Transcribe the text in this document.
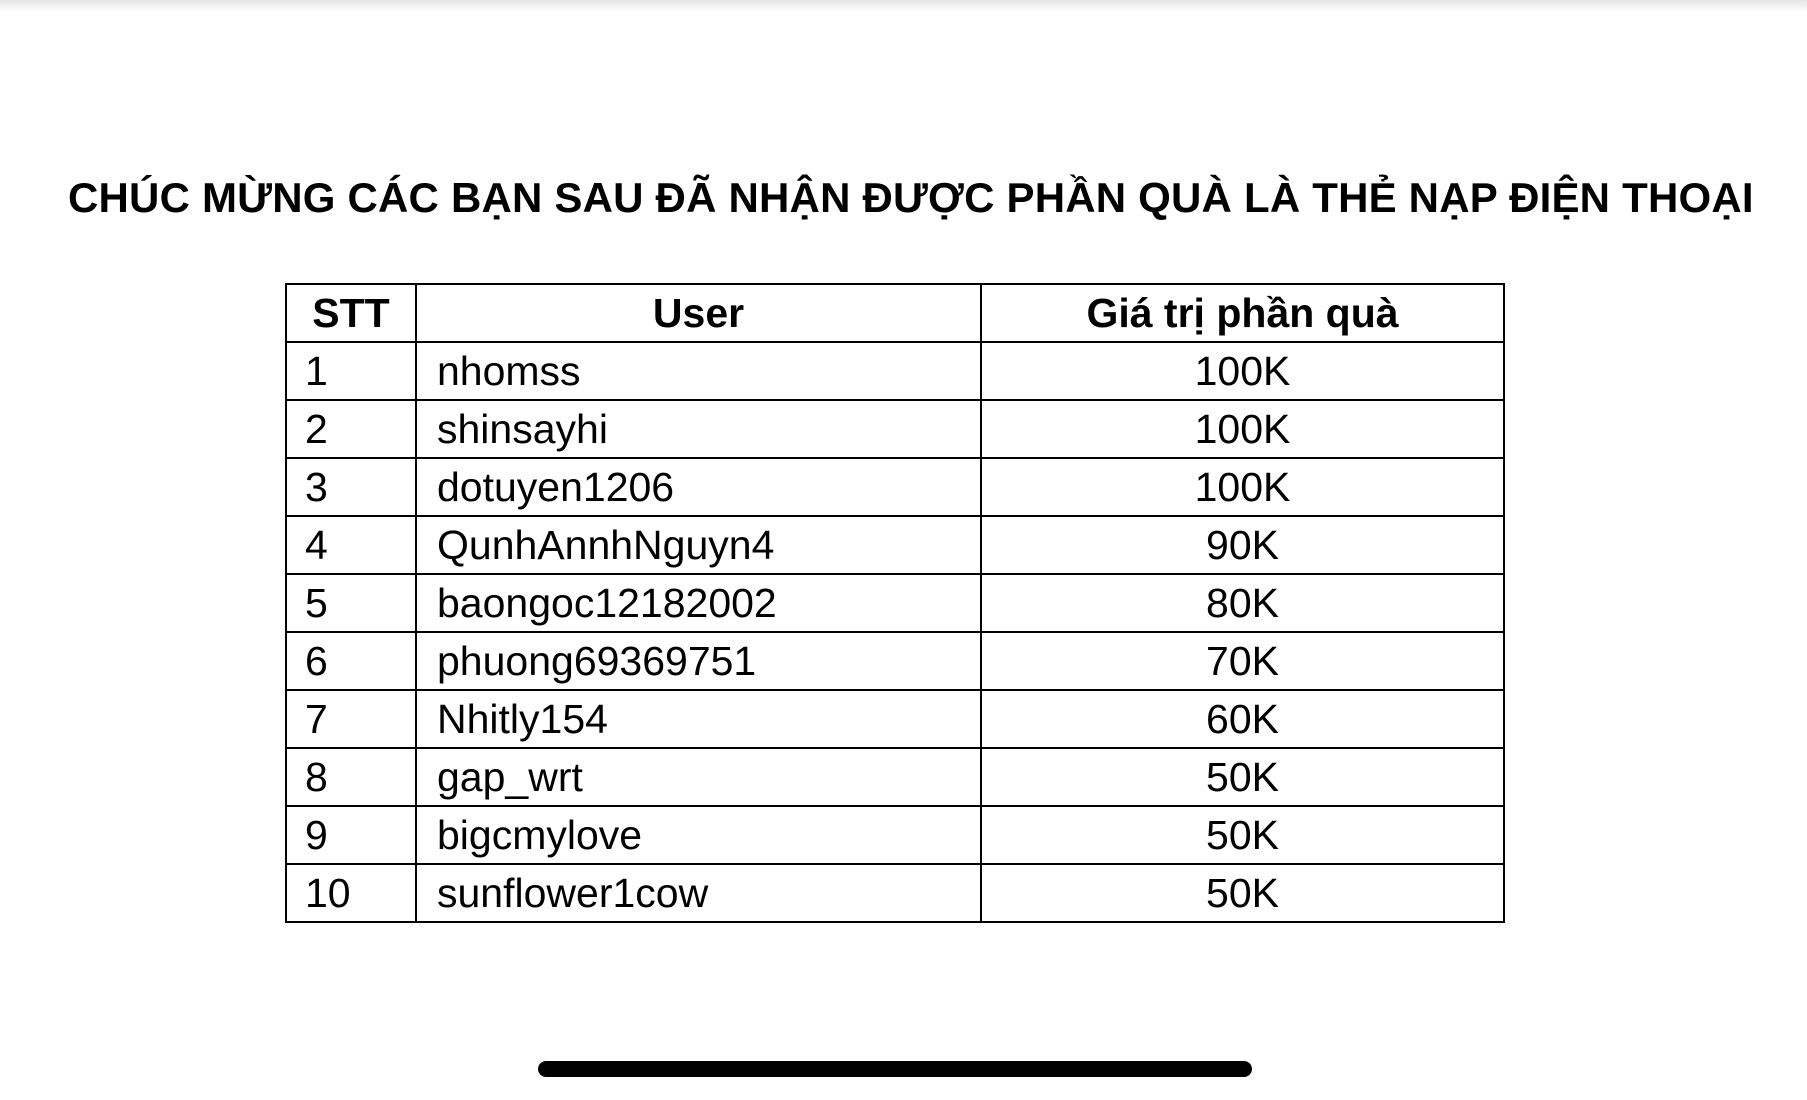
CHÚC MỪNG CÁC BẠN SAU ĐÃ NHẬN ĐƯỢC PHẦN QUÀ LÀ THẺ NẠP ĐIỆN THOẠI
STT	User	Giá trị phần quà
1	nhomss	100K
2	shinsayhi	100K
3	dotuyen1206	100K
4	QunhAnnhNguyn4	90K
5	baongoc12182002	80K
6	phuong69369751	70K
7	Nhitly154	60K
8	gap_wrt	50K
9	bigcmylove	50K
10	sunflower1cow	50K
